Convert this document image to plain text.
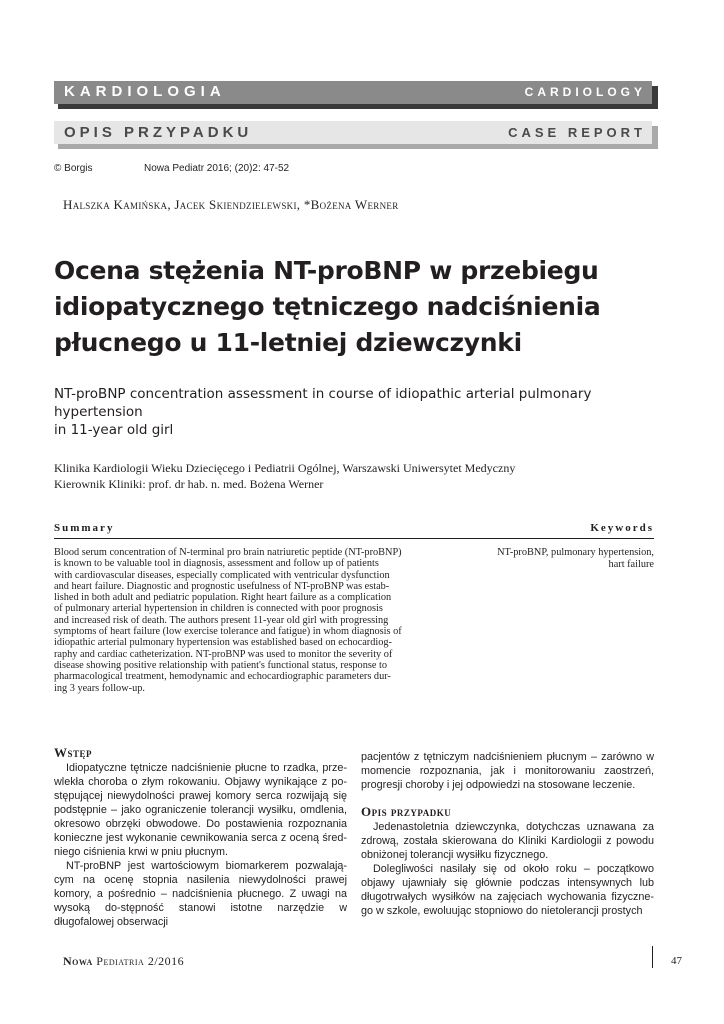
KARDIOLOGIA	CARDIOLOGY
OPIS PRZYPADKU	CASE REPORT
© Borgis	Nowa Pediatr 2016; (20)2: 47-52
Halszka Kamińska, Jacek Skiendzielewski, *Bożena Werner
Ocena stężenia NT-proBNP w przebiegu
idiopatycznego tętniczego nadciśnienia
płucnego u 11-letniej dziewczynki
NT-proBNP concentration assessment in course of idiopathic arterial pulmonary hypertension
in 11-year old girl
Klinika Kardiologii Wieku Dziecięcego i Pediatrii Ogólnej, Warszawski Uniwersytet Medyczny
Kierownik Kliniki: prof. dr hab. n. med. Bożena Werner
Summary	Keywords
Blood serum concentration of N-terminal pro brain natriuretic peptide (NT-proBNP)
is known to be valuable tool in diagnosis, assessment and follow up of patients
with cardiovascular diseases, especially complicated with ventricular dysfunction
and heart failure. Diagnostic and prognostic usefulness of NT-proBNP was estab-
lished in both adult and pediatric population. Right heart failure as a complication
of pulmonary arterial hypertension in children is connected with poor prognosis
and increased risk of death. The authors present 11-year old girl with progressing
symptoms of heart failure (low exercise tolerance and fatigue) in whom diagnosis of
idiopathic arterial pulmonary hypertension was established based on echocardiog-
raphy and cardiac catheterization. NT-proBNP was used to monitor the severity of
disease showing positive relationship with patient's functional status, response to
pharmacological treatment, hemodynamic and echocardiographic parameters dur-
ing 3 years follow-up.
NT-proBNP, pulmonary hypertension,
hart failure

Wstęp

Idiopatyczne tętnicze nadciśnienie płucne to rzadka, prze-wlekła choroba o złym rokowaniu. Objawy wynikające z po-stępującej niewydolności prawej komory serca rozwijają się podstępnie – jako ograniczenie tolerancji wysiłku, omdlenia, okresowo obrzęki obwodowe. Do postawienia rozpoznania konieczne jest wykonanie cewnikowania serca z oceną śred-niego ciśnienia krwi w pniu płucnym.

NT-proBNP jest wartościowym biomarkerem pozwalają-cym na ocenę stopnia nasilenia niewydolności prawej komory, a pośrednio – nadciśnienia płucnego. Z uwagi na wysoką do-stępność stanowi istotne narzędzie w długofalowej obserwacji

pacjentów z tętniczym nadciśnieniem płucnym – zarówno w momencie rozpoznania, jak i monitorowaniu zaostrzeń, progresji choroby i jej odpowiedzi na stosowane leczenie.

Opis przypadku

Jedenastoletnia dziewczynka, dotychczas uznawana za zdrową, została skierowana do Kliniki Kardiologii z powodu obniżonej tolerancji wysiłku fizycznego.

Dolegliwości nasilały się od około roku – początkowo objawy ujawniały się głównie podczas intensywnych lub długotrwałych wysiłków na zajęciach wychowania fizyczne-go w szkole, ewoluując stopniowo do nietolerancji prostych

Nowa Pediatria 2/2016	47
